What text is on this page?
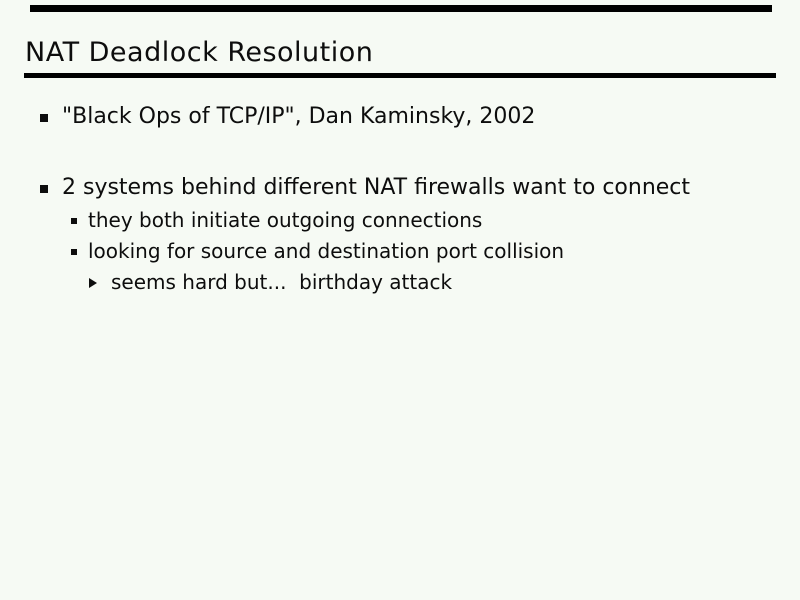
NAT Deadlock Resolution
"Black Ops of TCP/IP", Dan Kaminsky, 2002
2 systems behind different NAT firewalls want to connect
they both initiate outgoing connections
looking for source and destination port collision
seems hard but...  birthday attack
